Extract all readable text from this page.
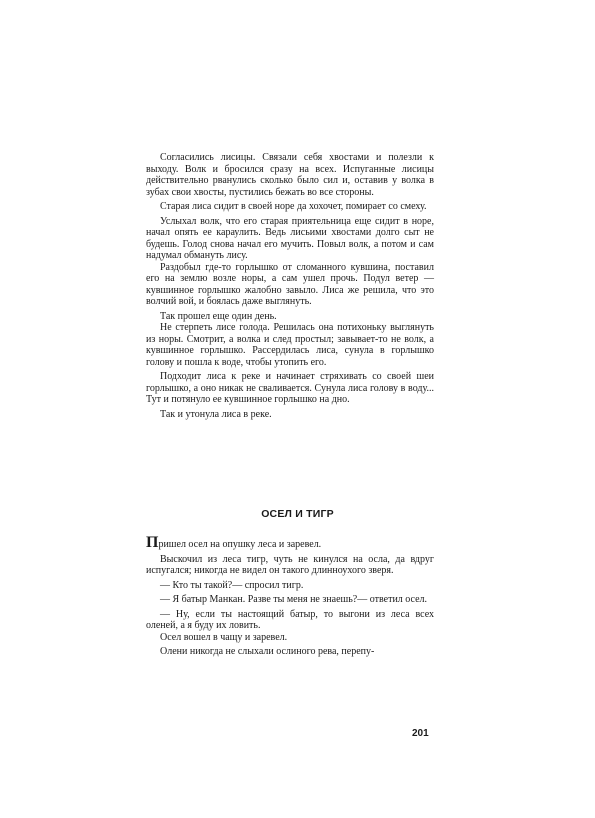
Согласились лисицы. Связали себя хвостами и полезли к выходу. Волк и бросился сразу на всех. Испуганные лисицы действительно рванулись сколько было сил и, оставив у волка в зубах свои хвосты, пустились бежать во все стороны.

Старая лиса сидит в своей норе да хохочет, помирает со смеху.

Услыхал волк, что его старая приятельница еще сидит в норе, начал опять ее караулить. Ведь лисьими хвостами долго сыт не будешь. Голод снова начал его мучить. Повыл волк, а потом и сам надумал обмануть лису.

Раздобыл где-то горлышко от сломанного кувшина, поставил его на землю возле норы, а сам ушел прочь. Подул ветер — кувшинное горлышко жалобно завыло. Лиса же решила, что это волчий вой, и боялась даже выглянуть.

Так прошел еще один день.

Не стерпеть лисе голода. Решилась она потихоньку выглянуть из норы. Смотрит, а волка и след простыл; завывает-то не волк, а кувшинное горлышко. Рассердилась лиса, сунула в горлышко голову и пошла к воде, чтобы утопить его.

Подходит лиса к реке и начинает стряхивать со своей шеи горлышко, а оно никак не сваливается. Сунула лиса голову в воду... Тут и потянуло ее кувшинное горлышко на дно.

Так и утонула лиса в реке.

ОСЕЛ И ТИГР

Пришел осел на опушку леса и заревел.

Выскочил из леса тигр, чуть не кинулся на осла, да вдруг испугался; никогда не видел он такого длинноухого зверя.

— Кто ты такой?— спросил тигр.

— Я батыр Манкан. Разве ты меня не знаешь?— ответил осел.

— Ну, если ты настоящий батыр, то выгони из леса всех оленей, а я буду их ловить.

Осел вошел в чащу и заревел.

Олени никогда не слыхали ослиного рева, перепу-

201
